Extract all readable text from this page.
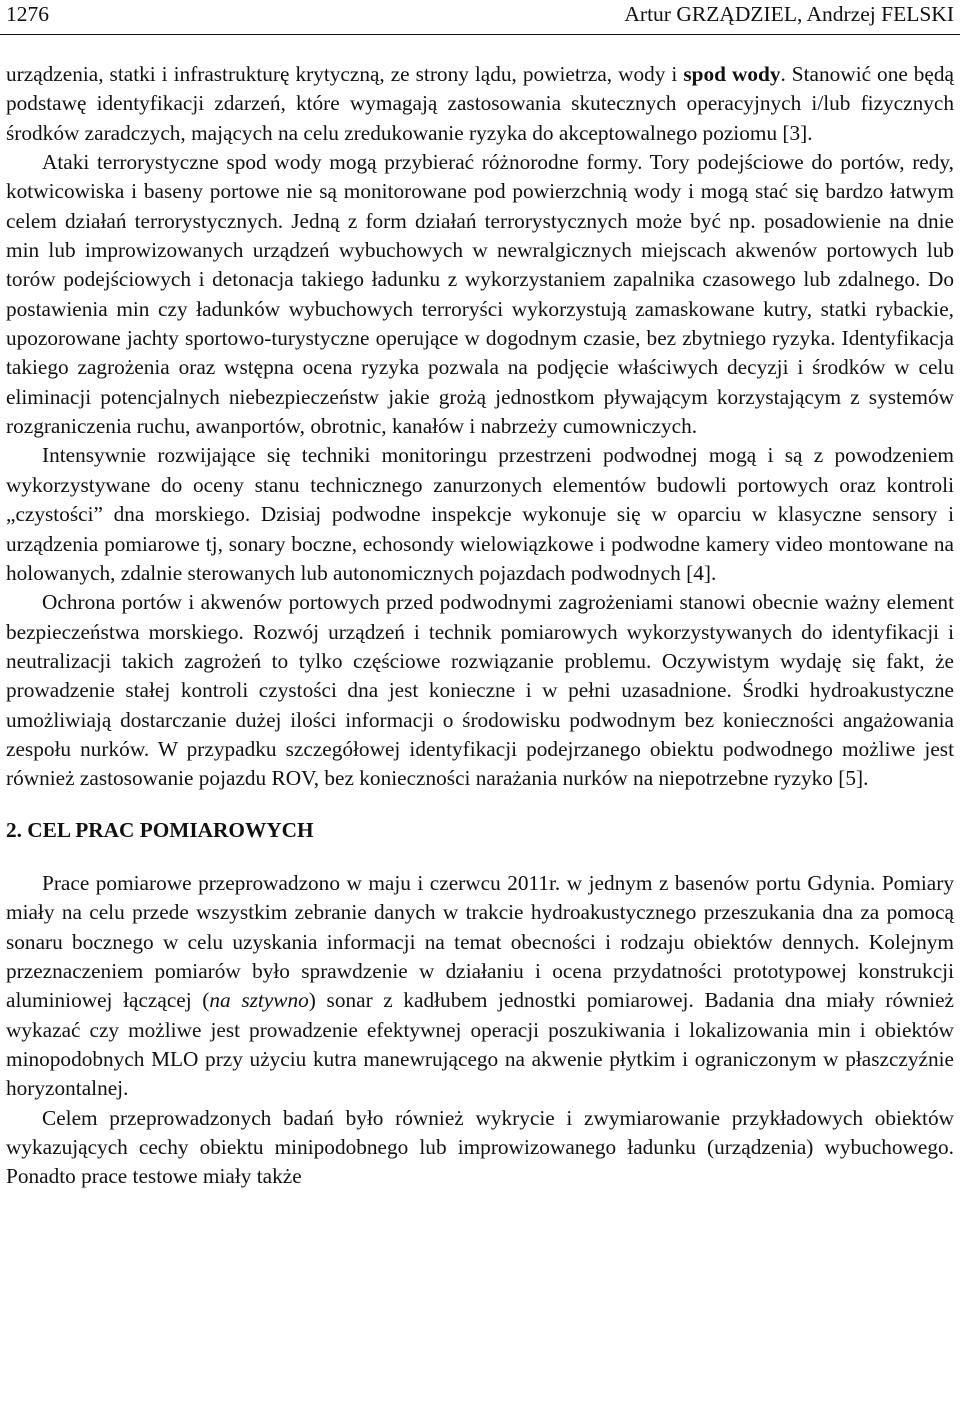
1276	Artur GRZĄDZIEL, Andrzej FELSKI

urządzenia, statki i infrastrukturę krytyczną, ze strony lądu, powietrza, wody i spod wody. Stanowić one będą podstawę identyfikacji zdarzeń, które wymagają zastosowania skutecznych operacyjnych i/lub fizycznych środków zaradczych, mających na celu zredukowanie ryzyka do akceptowalnego poziomu [3].

Ataki terrorystyczne spod wody mogą przybierać różnorodne formy. Tory podejściowe do portów, redy, kotwicowiska i baseny portowe nie są monitorowane pod powierzchnią wody i mogą stać się bardzo łatwym celem działań terrorystycznych. Jedną z form działań terrorystycznych może być np. posadowienie na dnie min lub improwizowanych urządzeń wybuchowych w newralgicznych miejscach akwenów portowych lub torów podejściowych i detonacja takiego ładunku z wykorzystaniem zapalnika czasowego lub zdalnego. Do postawienia min czy ładunków wybuchowych terroryści wykorzystują zamaskowane kutry, statki rybackie, upozorowane jachty sportowo-turystyczne operujące w dogodnym czasie, bez zbytniego ryzyka. Identyfikacja takiego zagrożenia oraz wstępna ocena ryzyka pozwala na podjęcie właściwych decyzji i środków w celu eliminacji potencjalnych niebezpieczeństw jakie grożą jednostkom pływającym korzystającym z systemów rozgraniczenia ruchu, awanportów, obrotnic, kanałów i nabrzeży cumowniczych.

Intensywnie rozwijające się techniki monitoringu przestrzeni podwodnej mogą i są z powodzeniem wykorzystywane do oceny stanu technicznego zanurzonych elementów budowli portowych oraz kontroli „czystości” dna morskiego. Dzisiaj podwodne inspekcje wykonuje się w oparciu w klasyczne sensory i urządzenia pomiarowe tj, sonary boczne, echosondy wielowiązkowe i podwodne kamery video montowane na holowanych, zdalnie sterowanych lub autonomicznych pojazdach podwodnych [4].

Ochrona portów i akwenów portowych przed podwodnymi zagrożeniami stanowi obecnie ważny element bezpieczeństwa morskiego. Rozwój urządzeń i technik pomiarowych wykorzystywanych do identyfikacji i neutralizacji takich zagrożeń to tylko częściowe rozwiązanie problemu. Oczywistym wydaję się fakt, że prowadzenie stałej kontroli czystości dna jest konieczne i w pełni uzasadnione. Środki hydroakustyczne umożliwiają dostarczanie dużej ilości informacji o środowisku podwodnym bez konieczności angażowania zespołu nurków. W przypadku szczegółowej identyfikacji podejrzanego obiektu podwodnego możliwe jest również zastosowanie pojazdu ROV, bez konieczności narażania nurków na niepotrzebne ryzyko [5].

2. CEL PRAC POMIAROWYCH

Prace pomiarowe przeprowadzono w maju i czerwcu 2011r. w jednym z basenów portu Gdynia. Pomiary miały na celu przede wszystkim zebranie danych w trakcie hydroakustycznego przeszukania dna za pomocą sonaru bocznego w celu uzyskania informacji na temat obecności i rodzaju obiektów dennych. Kolejnym przeznaczeniem pomiarów było sprawdzenie w działaniu i ocena przydatności prototypowej konstrukcji aluminiowej łączącej (na sztywno) sonar z kadłubem jednostki pomiarowej. Badania dna miały również wykazać czy możliwe jest prowadzenie efektywnej operacji poszukiwania i lokalizowania min i obiektów minopodobnych MLO przy użyciu kutra manewrującego na akwenie płytkim i ograniczonym w płaszczyźnie horyzontalnej.

Celem przeprowadzonych badań było również wykrycie i zwymiarowanie przykładowych obiektów wykazujących cechy obiektu minipodobnego lub improwizowanego ładunku (urządzenia) wybuchowego. Ponadto prace testowe miały także
